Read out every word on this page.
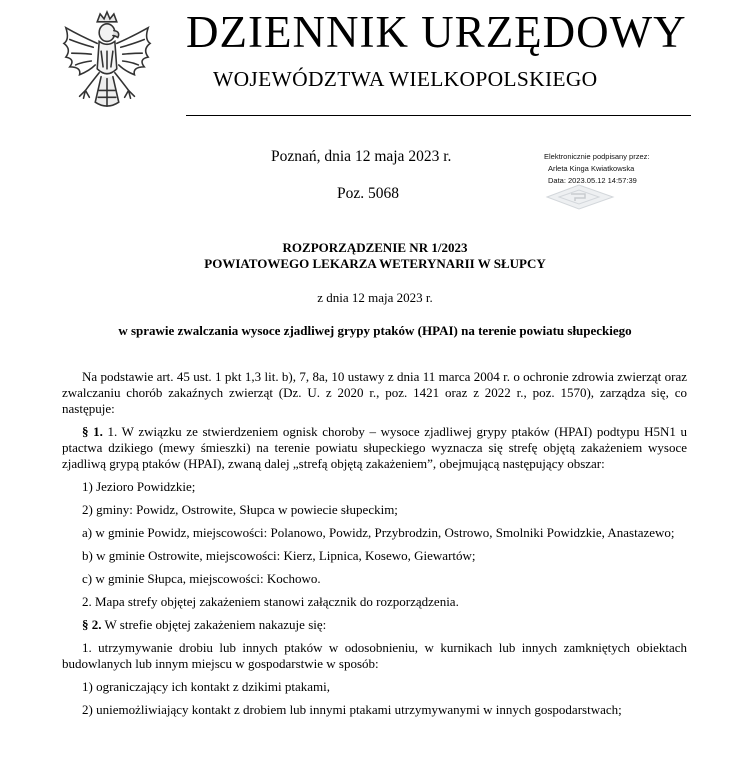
DZIENNIK URZĘDOWY
WOJEWÓDZTWA WIELKOPOLSKIEGO
Poznań, dnia 12 maja 2023 r.
Poz. 5068
Elektronicznie podpisany przez:
Arleta Kinga Kwiatkowska
Data: 2023.05.12 14:57:39
ROZPORZĄDZENIE NR 1/2023
POWIATOWEGO LEKARZA WETERYNARII W SŁUPCY
z dnia 12 maja 2023 r.
w sprawie zwalczania wysoce zjadliwej grypy ptaków (HPAI) na terenie powiatu słupeckiego

Na podstawie art. 45 ust. 1 pkt 1,3 lit. b), 7, 8a, 10 ustawy z dnia 11 marca 2004 r. o ochronie zdrowia zwierząt oraz zwalczaniu chorób zakaźnych zwierząt (Dz. U. z 2020 r., poz. 1421 oraz z 2022 r., poz. 1570), zarządza się, co następuje:

§ 1. 1. W związku ze stwierdzeniem ognisk choroby – wysoce zjadliwej grypy ptaków (HPAI) podtypu H5N1 u ptactwa dzikiego (mewy śmieszki) na terenie powiatu słupeckiego wyznacza się strefę objętą zakażeniem wysoce zjadliwą grypą ptaków (HPAI), zwaną dalej „strefą objętą zakażeniem”, obejmującą następujący obszar:

1) Jezioro Powidzkie;

2) gminy: Powidz, Ostrowite, Słupca w powiecie słupeckim;

a) w gminie Powidz, miejscowości: Polanowo, Powidz, Przybrodzin, Ostrowo, Smolniki Powidzkie, Anastazewo;

b) w gminie Ostrowite, miejscowości: Kierz, Lipnica, Kosewo, Giewartów;

c) w gminie Słupca, miejscowości: Kochowo.

2. Mapa strefy objętej zakażeniem stanowi załącznik do rozporządzenia.

§ 2. W strefie objętej zakażeniem nakazuje się:

1. utrzymywanie drobiu lub innych ptaków w odosobnieniu, w kurnikach lub innych zamkniętych obiektach budowlanych lub innym miejscu w gospodarstwie w sposób:

1) ograniczający ich kontakt z dzikimi ptakami,

2) uniemożliwiający kontakt z drobiem lub innymi ptakami utrzymywanymi w innych gospodarstwach;
